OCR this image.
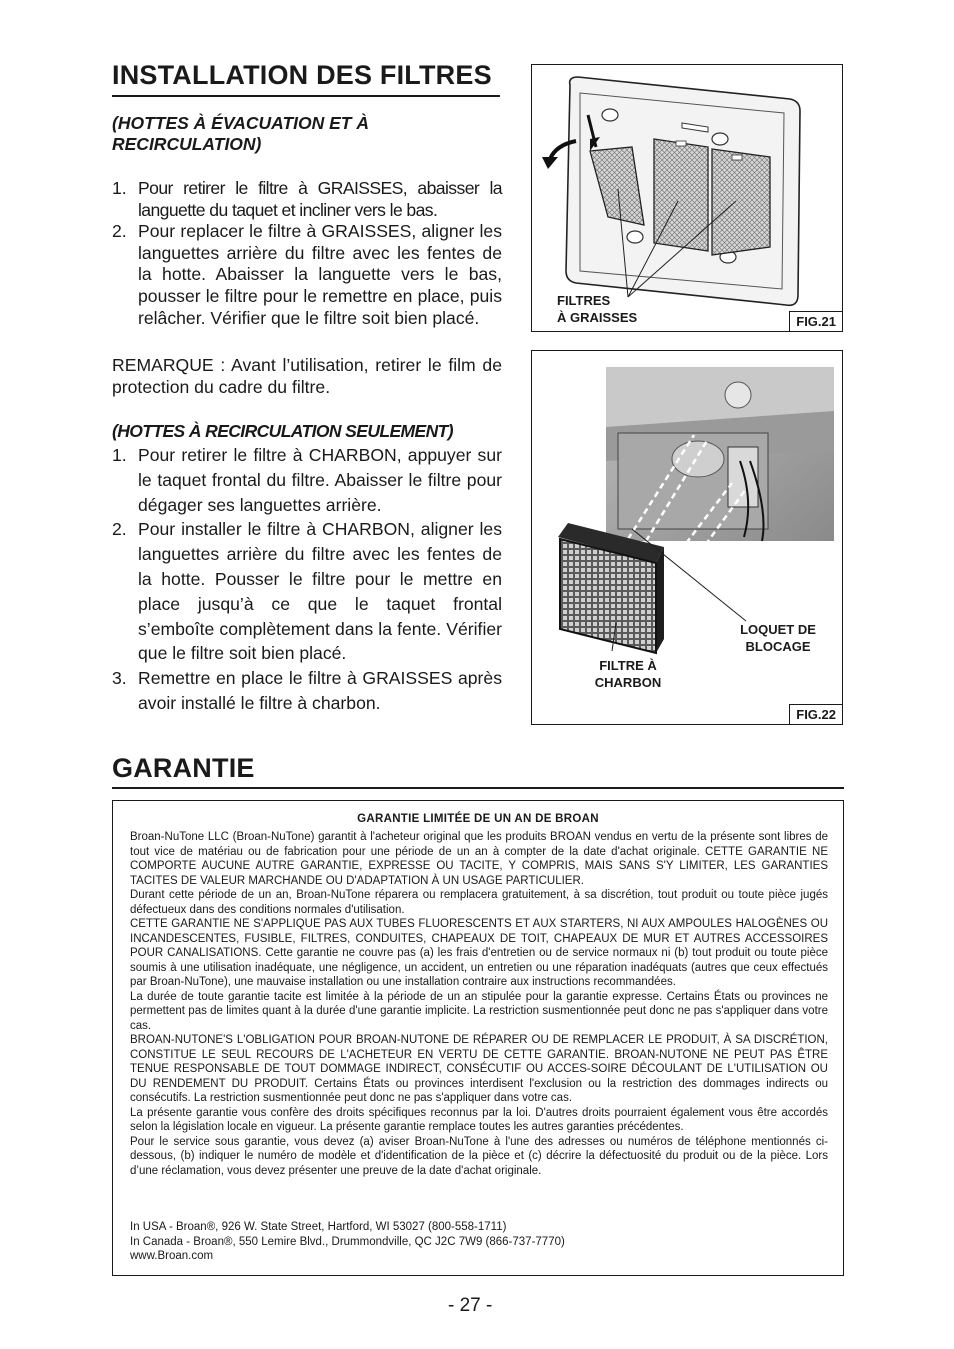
INSTALLATION DES FILTRES
(HOTTES À ÉVACUATION ET À RECIRCULATION)
1. Pour retirer le filtre à GRAISSES, abaisser la languette du taquet et incliner vers le bas.
2. Pour replacer le filtre à GRAISSES, aligner les languettes arrière du filtre avec les fentes de la hotte. Abaisser la languette vers le bas, pousser le filtre pour le remettre en place, puis relâcher. Vérifier que le filtre soit bien placé.
REMARQUE : Avant l’utilisation, retirer le film de protection du cadre du filtre.
(HOTTES À RECIRCULATION SEULEMENT)
1. Pour retirer le filtre à CHARBON, appuyer sur le taquet frontal du filtre. Abaisser le filtre pour dégager ses languettes arrière.
2. Pour installer le filtre à CHARBON, aligner les languettes arrière du filtre avec les fentes de la hotte. Pousser le filtre pour le mettre en place jusqu’à ce que le taquet frontal s’emboîte complètement dans la fente. Vérifier que le filtre soit bien placé.
3. Remettre en place le filtre à GRAISSES après avoir installé le filtre à charbon.
FILTRES
À GRAISSES	FIG.21
LOQUET DE
BLOCAGE
FILTRE À
CHARBON
FIG.22
GARANTIE
GARANTIE LIMITÉE DE UN AN DE BROAN

Broan-NuTone LLC (Broan-NuTone) garantit à l'acheteur original que les produits BROAN vendus en vertu de la présente sont libres de tout vice de matériau ou de fabrication pour une période de un an à compter de la date d'achat originale. CETTE GARANTIE NE COMPORTE AUCUNE AUTRE GARANTIE, EXPRESSE OU TACITE, Y COMPRIS, MAIS SANS S'Y LIMITER, LES GARANTIES TACITES DE VALEUR MARCHANDE OU D'ADAPTATION À UN USAGE PARTICULIER.

Durant cette période de un an, Broan-NuTone réparera ou remplacera gratuitement, à sa discrétion, tout produit ou toute pièce jugés défectueux dans des conditions normales d'utilisation.

CETTE GARANTIE NE S'APPLIQUE PAS AUX TUBES FLUORESCENTS ET AUX STARTERS, NI AUX AMPOULES HALOGÈNES OU INCANDESCENTES, FUSIBLE, FILTRES, CONDUITES, CHAPEAUX DE TOIT, CHAPEAUX DE MUR ET AUTRES ACCESSOIRES POUR CANALISATIONS. Cette garantie ne couvre pas (a) les frais d'entretien ou de service normaux ni (b) tout produit ou toute pièce soumis à une utilisation inadéquate, une négligence, un accident, un entretien ou une réparation inadéquats (autres que ceux effectués par Broan-NuTone), une mauvaise installation ou une installation contraire aux instructions recommandées.

La durée de toute garantie tacite est limitée à la période de un an stipulée pour la garantie expresse. Certains États ou provinces ne permettent pas de limites quant à la durée d'une garantie implicite. La restriction susmentionnée peut donc ne pas s'appliquer dans votre cas.

BROAN-NUTONE'S L'OBLIGATION POUR BROAN-NUTONE DE RÉPARER OU DE REMPLACER LE PRODUIT, À SA DISCRÉTION, CONSTITUE LE SEUL RECOURS DE L'ACHETEUR EN VERTU DE CETTE GARANTIE. BROAN-NUTONE NE PEUT PAS ÊTRE TENUE RESPONSABLE DE TOUT DOMMAGE INDIRECT, CONSÉCUTIF OU ACCES-SOIRE DÉCOULANT DE L'UTILISATION OU DU RENDEMENT DU PRODUIT. Certains États ou provinces interdisent l'exclusion ou la restriction des dommages indirects ou consécutifs. La restriction susmentionnée peut donc ne pas s'appliquer dans votre cas.

La présente garantie vous confère des droits spécifiques reconnus par la loi. D'autres droits pourraient également vous être accordés selon la législation locale en vigueur. La présente garantie remplace toutes les autres garanties précédentes.

Pour le service sous garantie, vous devez (a) aviser Broan-NuTone à l'une des adresses ou numéros de téléphone mentionnés ci-dessous, (b) indiquer le numéro de modèle et d'identification de la pièce et (c) décrire la défectuosité du produit ou de la pièce. Lors d’une réclamation, vous devez présenter une preuve de la date d'achat originale.

In USA - Broan®, 926 W. State Street, Hartford, WI 53027 (800-558-1711)
In Canada - Broan®, 550 Lemire Blvd., Drummondville, QC J2C 7W9 (866-737-7770)
www.Broan.com
- 27 -
